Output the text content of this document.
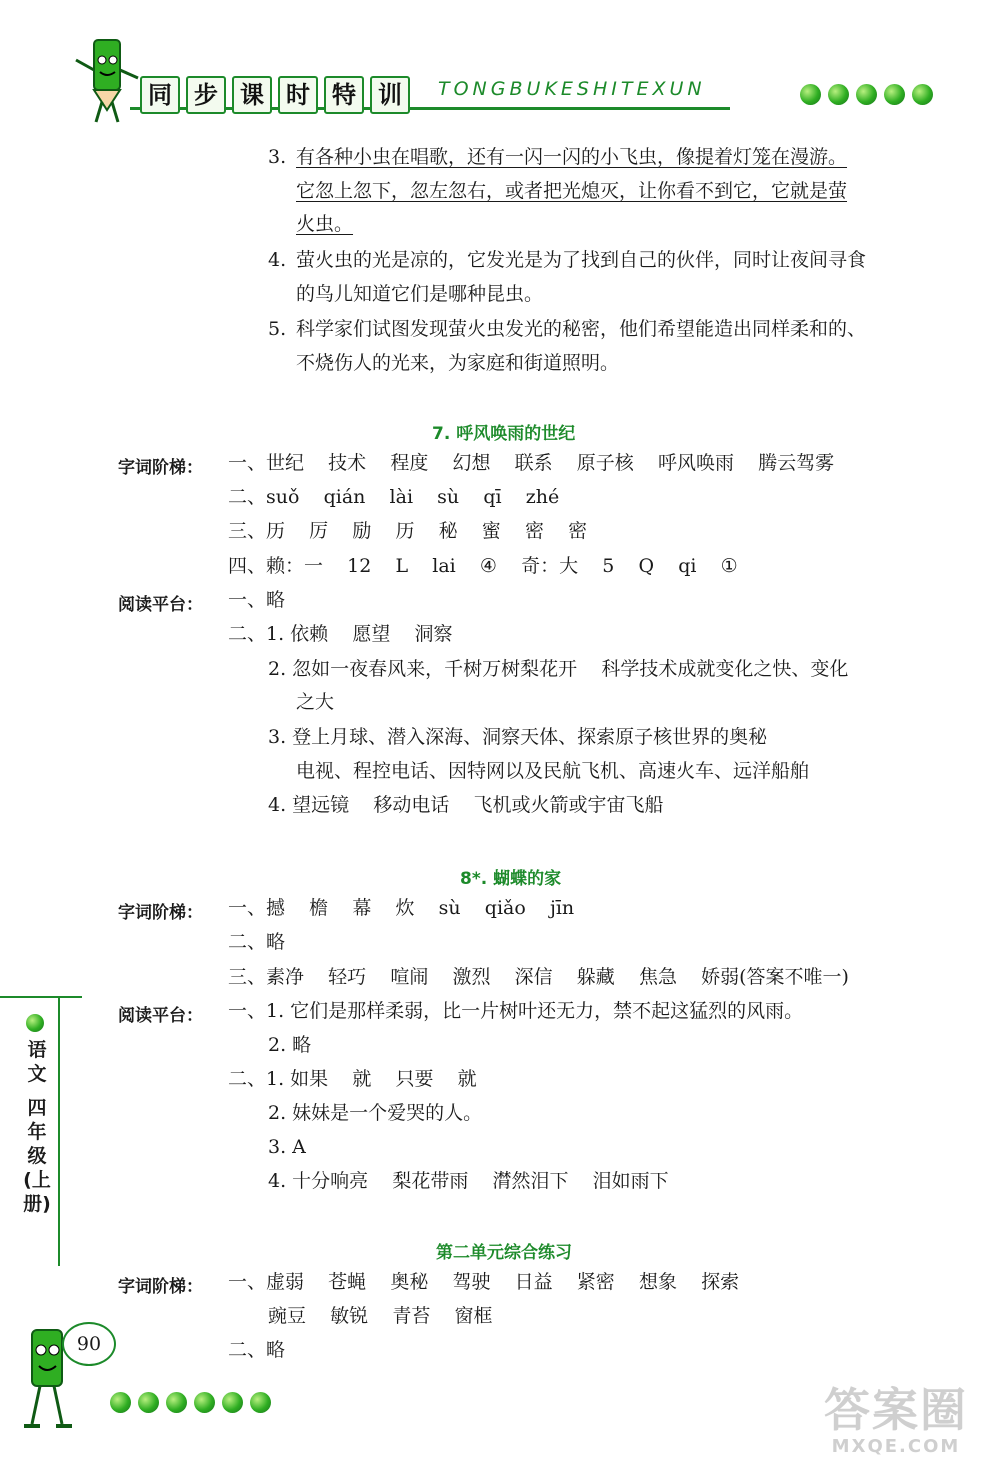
同 步 课 时 特 训	TONGBUKESHITEXUN
3. 有各种小虫在唱歌，还有一闪一闪的小飞虫，像提着灯笼在漫游。
它忽上忽下，忽左忽右，或者把光熄灭，让你看不到它，它就是萤
火虫。
4. 萤火虫的光是凉的，它发光是为了找到自己的伙伴，同时让夜间寻食
的鸟儿知道它们是哪种昆虫。
5. 科学家们试图发现萤火虫发光的秘密，他们希望能造出同样柔和的、
不烧伤人的光来，为家庭和街道照明。
7. 呼风唤雨的世纪
字词阶梯： 一、世纪    技术    程度    幻想    联系    原子核    呼风唤雨    腾云驾雾
二、suǒ    qián    lài    sù    qī    zhé
三、历    厉    励    历    秘    蜜    密    密
四、赖：一    12    L    lai    ④    奇：大    5    Q    qi    ①
阅读平台： 一、略
二、1. 依赖    愿望    洞察
2. 忽如一夜春风来，千树万树梨花开    科学技术成就变化之快、变化
之大
3. 登上月球、潜入深海、洞察天体、探索原子核世界的奥秘
电视、程控电话、因特网以及民航飞机、高速火车、远洋船舶
4. 望远镜    移动电话    飞机或火箭或宇宙飞船
8*. 蝴蝶的家
字词阶梯： 一、撼    檐    幕    炊    sù    qiǎo    jīn
二、略
三、素净    轻巧    喧闹    激烈    深信    躲藏    焦急    娇弱(答案不唯一)
阅读平台： 一、1. 它们是那样柔弱，比一片树叶还无力，禁不起这猛烈的风雨。
2. 略
二、1. 如果    就    只要    就
2. 妹妹是一个爱哭的人。
3. A
4. 十分响亮    梨花带雨    潸然泪下    泪如雨下
第二单元综合练习
字词阶梯： 一、虚弱    苍蝇    奥秘    驾驶    日益    紧密    想象    探索
豌豆    敏锐    青苔    窗框
二、略
语文
四年级(上册)
90
答案圈
MXQE.COM
